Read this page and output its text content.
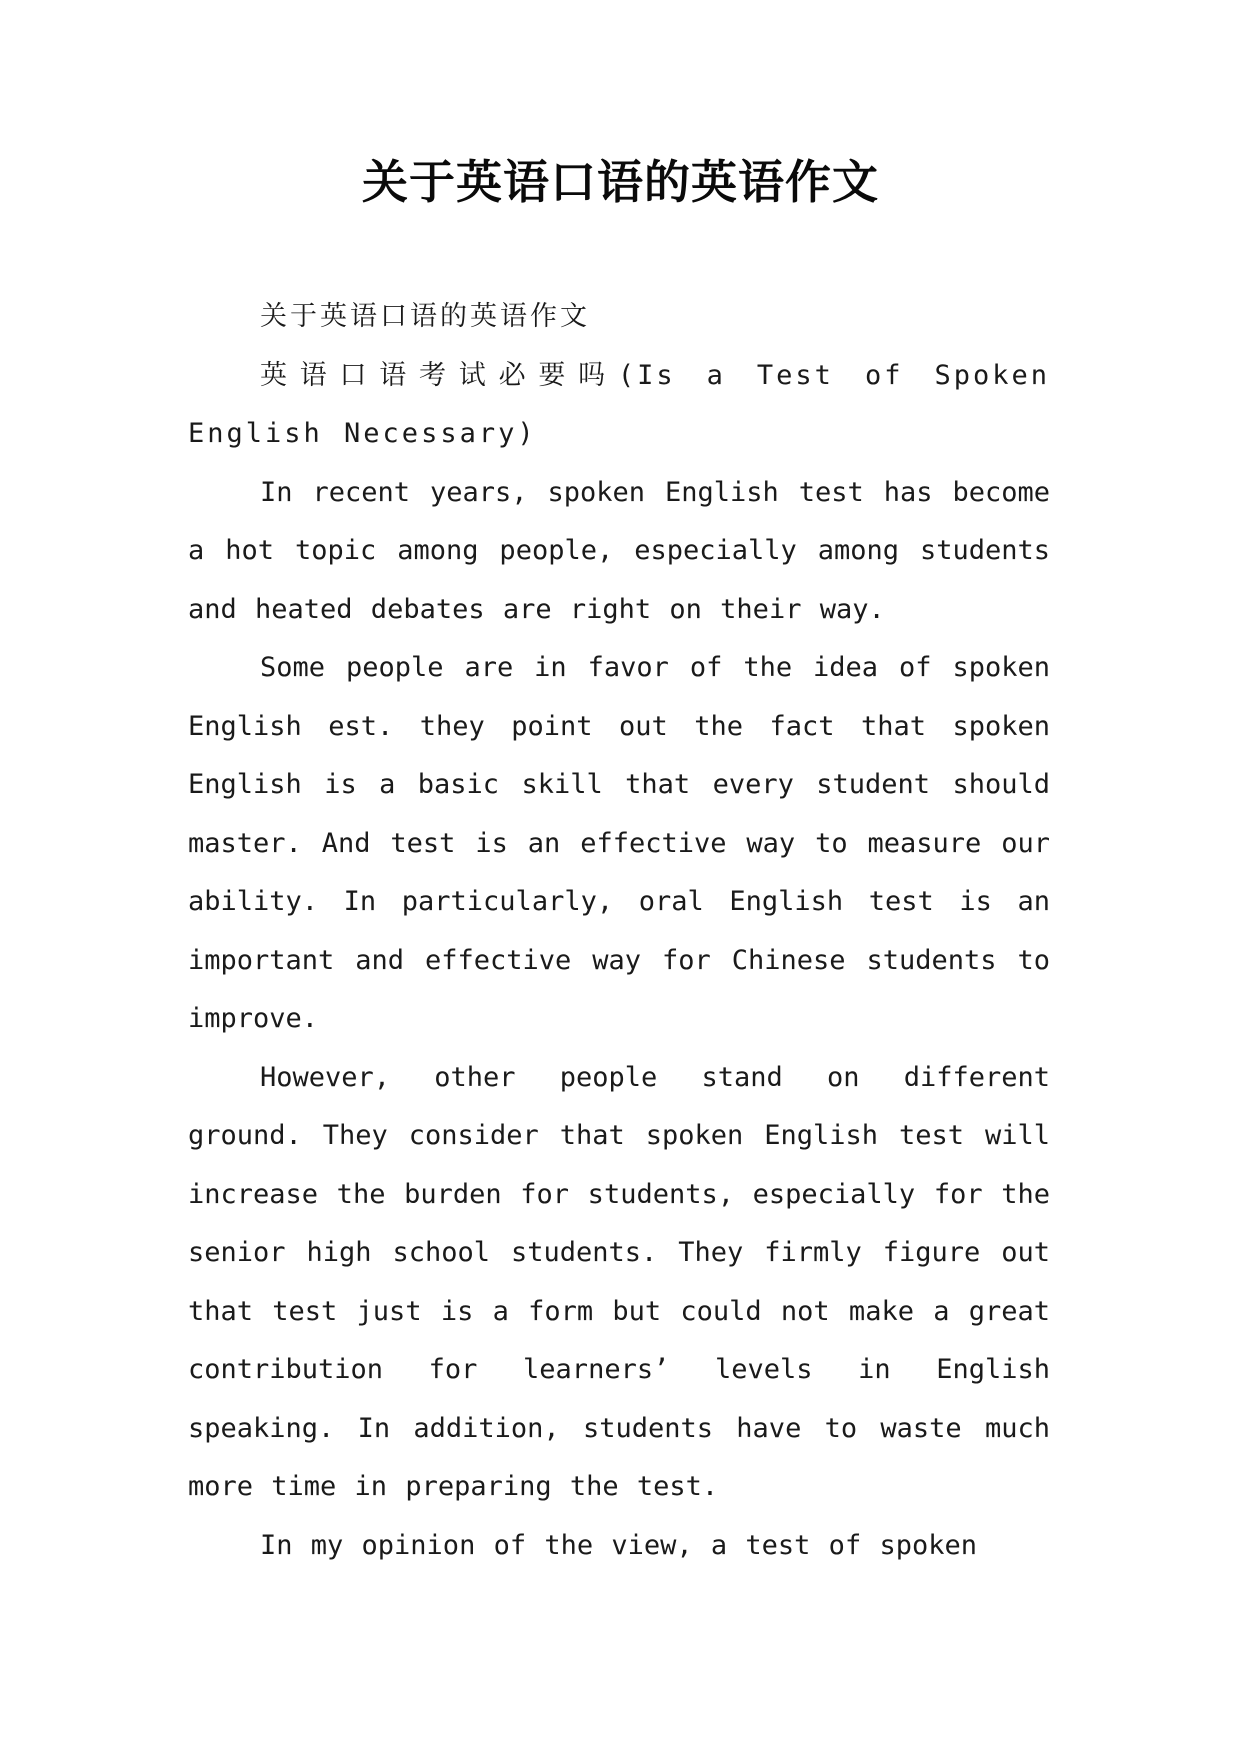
关于英语口语的英语作文

关于英语口语的英语作文

英语口语考试必要吗(Is a Test of Spoken English Necessary)

In recent years, spoken English test has become a hot topic among people, especially among students and heated debates are right on their way.

Some people are in favor of the idea of spoken English est. they point out the fact that spoken English is a basic skill that every student should master. And test is an effective way to measure our ability. In particularly, oral English test is an important and effective way for Chinese students to improve.

However, other people stand on different ground. They consider that spoken English test will increase the burden for students, especially for the senior high school students. They firmly figure out that test just is a form but could not make a great contribution for learners’ levels in English speaking. In addition, students have to waste much more time in preparing the test.

In my opinion of the view, a test of spoken
